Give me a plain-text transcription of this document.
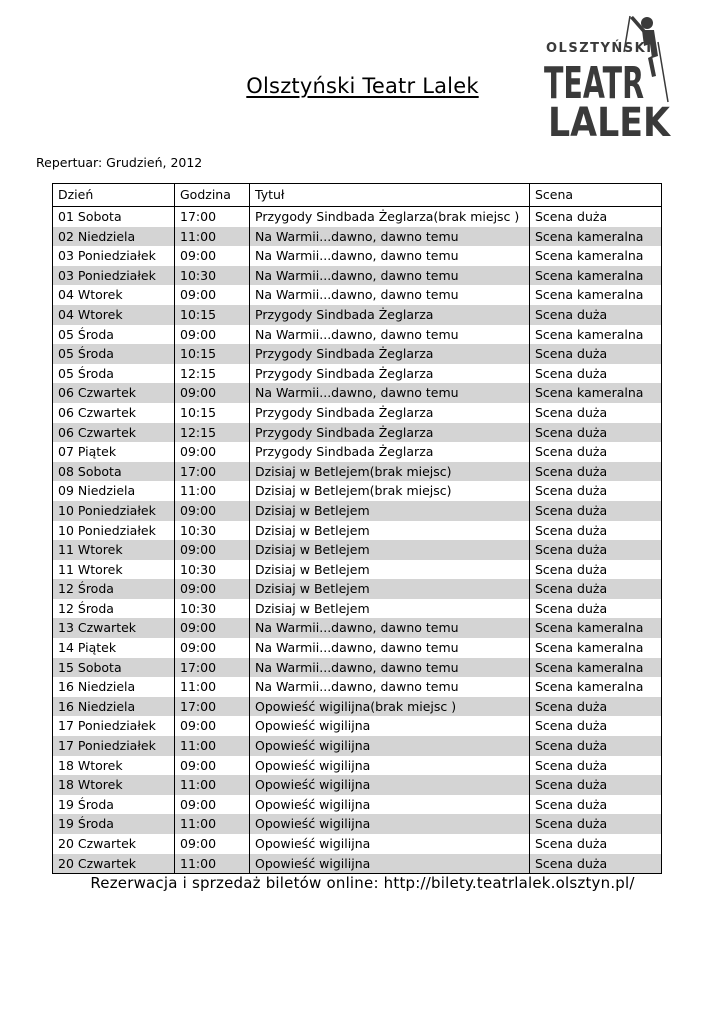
Olsztyński Teatr Lalek
OLSZTYŃSKI
TEATR
LALEK
Repertuar: Grudzień, 2012
Dzień	Godzina	Tytuł	Scena
01 Sobota	17:00	Przygody Sindbada Żeglarza(brak miejsc )	Scena duża
02 Niedziela	11:00	Na Warmii...dawno, dawno temu	Scena kameralna
03 Poniedziałek	09:00	Na Warmii...dawno, dawno temu	Scena kameralna
03 Poniedziałek	10:30	Na Warmii...dawno, dawno temu	Scena kameralna
04 Wtorek	09:00	Na Warmii...dawno, dawno temu	Scena kameralna
04 Wtorek	10:15	Przygody Sindbada Żeglarza	Scena duża
05 Środa	09:00	Na Warmii...dawno, dawno temu	Scena kameralna
05 Środa	10:15	Przygody Sindbada Żeglarza	Scena duża
05 Środa	12:15	Przygody Sindbada Żeglarza	Scena duża
06 Czwartek	09:00	Na Warmii...dawno, dawno temu	Scena kameralna
06 Czwartek	10:15	Przygody Sindbada Żeglarza	Scena duża
06 Czwartek	12:15	Przygody Sindbada Żeglarza	Scena duża
07 Piątek	09:00	Przygody Sindbada Żeglarza	Scena duża
08 Sobota	17:00	Dzisiaj w Betlejem(brak miejsc)	Scena duża
09 Niedziela	11:00	Dzisiaj w Betlejem(brak miejsc)	Scena duża
10 Poniedziałek	09:00	Dzisiaj w Betlejem	Scena duża
10 Poniedziałek	10:30	Dzisiaj w Betlejem	Scena duża
11 Wtorek	09:00	Dzisiaj w Betlejem	Scena duża
11 Wtorek	10:30	Dzisiaj w Betlejem	Scena duża
12 Środa	09:00	Dzisiaj w Betlejem	Scena duża
12 Środa	10:30	Dzisiaj w Betlejem	Scena duża
13 Czwartek	09:00	Na Warmii...dawno, dawno temu	Scena kameralna
14 Piątek	09:00	Na Warmii...dawno, dawno temu	Scena kameralna
15 Sobota	17:00	Na Warmii...dawno, dawno temu	Scena kameralna
16 Niedziela	11:00	Na Warmii...dawno, dawno temu	Scena kameralna
16 Niedziela	17:00	Opowieść wigilijna(brak miejsc )	Scena duża
17 Poniedziałek	09:00	Opowieść wigilijna	Scena duża
17 Poniedziałek	11:00	Opowieść wigilijna	Scena duża
18 Wtorek	09:00	Opowieść wigilijna	Scena duża
18 Wtorek	11:00	Opowieść wigilijna	Scena duża
19 Środa	09:00	Opowieść wigilijna	Scena duża
19 Środa	11:00	Opowieść wigilijna	Scena duża
20 Czwartek	09:00	Opowieść wigilijna	Scena duża
20 Czwartek	11:00	Opowieść wigilijna	Scena duża
Rezerwacja i sprzedaż biletów online: http://bilety.teatrlalek.olsztyn.pl/
